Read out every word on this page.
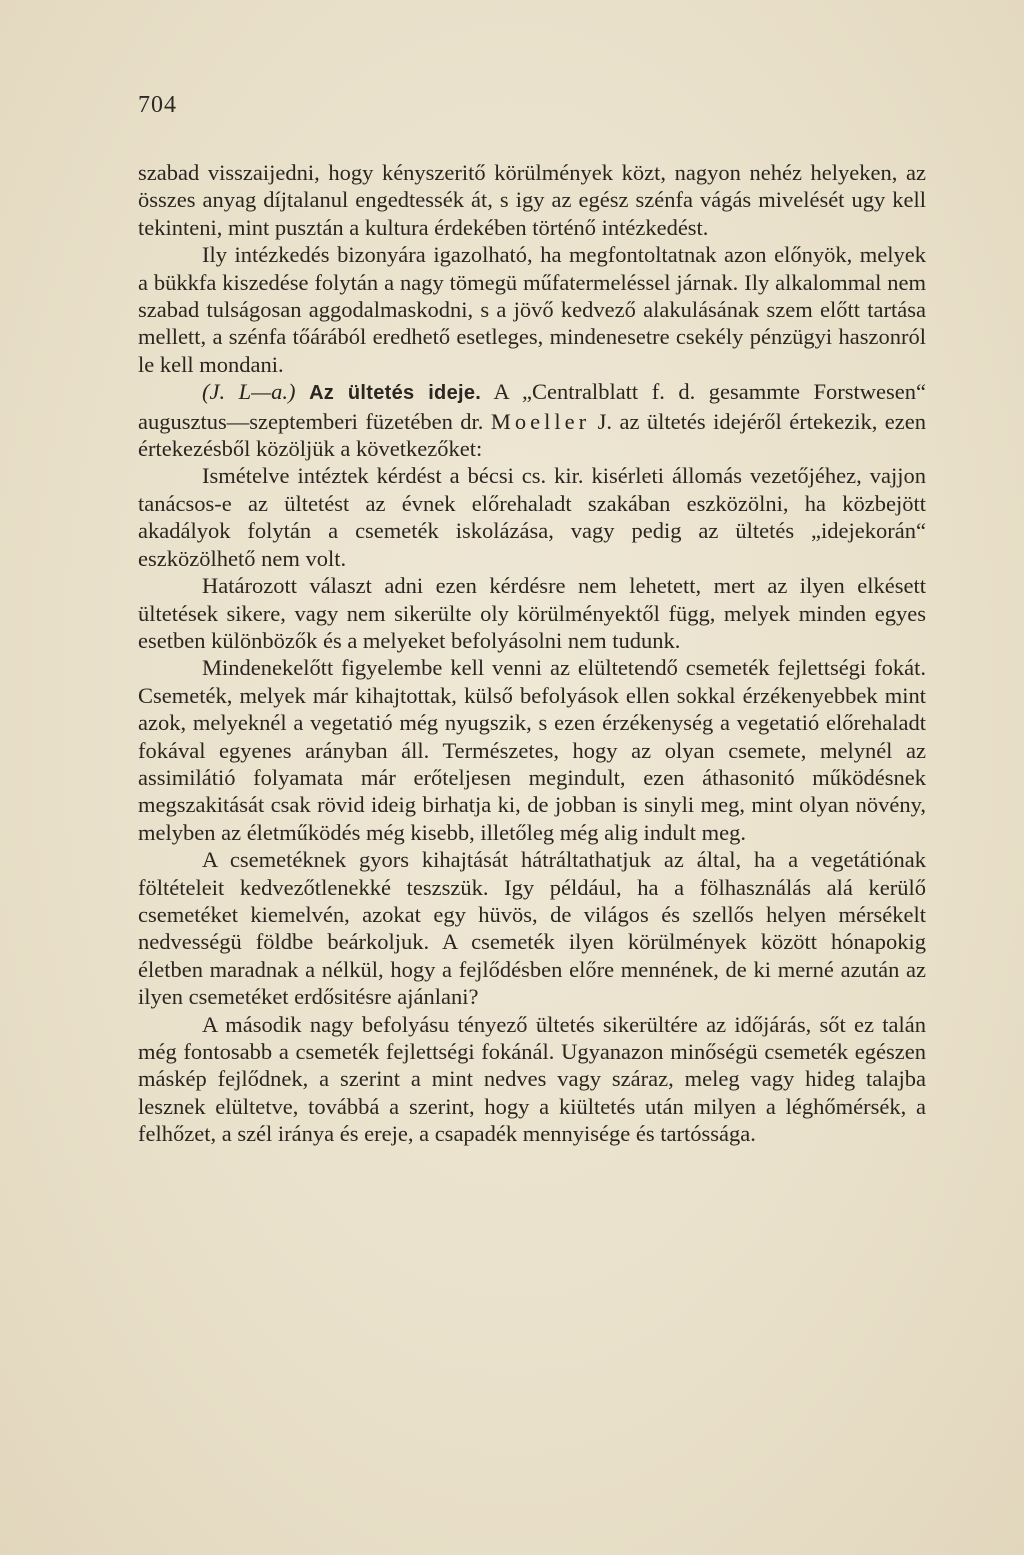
704

szabad visszaijedni, hogy kényszeritő körülmények közt, nagyon nehéz helyeken, az összes anyag díjtalanul engedtessék át, s igy az egész szénfa vágás mivelését ugy kell tekinteni, mint pusztán a kultura érdekében történő intézkedést.

Ily intézkedés bizonyára igazolható, ha megfontoltatnak azon előnyök, melyek a bükkfa kiszedése folytán a nagy tömegü műfatermeléssel járnak. Ily alkalommal nem szabad tulságosan aggodalmaskodni, s a jövő kedvező alakulásának szem előtt tartása mellett, a szénfa tőárából eredhető esetleges, mindenesetre csekély pénzügyi haszonról le kell mondani.

(J. L—a.) Az ültetés ideje. A „Centralblatt f. d. gesammte Forstwesen“ augusztus—szeptemberi füzetében dr. Moeller J. az ültetés idejéről értekezik, ezen értekezésből közöljük a következőket:

Ismételve intéztek kérdést a bécsi cs. kir. kisérleti állomás vezetőjéhez, vajjon tanácsos-e az ültetést az évnek előrehaladt szakában eszközölni, ha közbejött akadályok folytán a csemeték iskolázása, vagy pedig az ültetés „idejekorán“ eszközölhető nem volt.

Határozott választ adni ezen kérdésre nem lehetett, mert az ilyen elkésett ültetések sikere, vagy nem sikerülte oly körülményektől függ, melyek minden egyes esetben különbözők és a melyeket befolyásolni nem tudunk.

Mindenekelőtt figyelembe kell venni az elültetendő csemeték fejlettségi fokát. Csemeték, melyek már kihajtottak, külső befolyások ellen sokkal érzékenyebbek mint azok, melyeknél a vegetatió még nyugszik, s ezen érzékenység a vegetatió előrehaladt fokával egyenes arányban áll. Természetes, hogy az olyan csemete, melynél az assimilátió folyamata már erőteljesen megindult, ezen áthasonitó működésnek megszakitását csak rövid ideig birhatja ki, de jobban is sinyli meg, mint olyan növény, melyben az életműködés még kisebb, illetőleg még alig indult meg.

A csemetéknek gyors kihajtását hátráltathatjuk az által, ha a vegetátiónak föltételeit kedvezőtlenekké teszszük. Igy például, ha a fölhasználás alá kerülő csemetéket kiemelvén, azokat egy hüvös, de világos és szellős helyen mérsékelt nedvességü földbe beárkoljuk. A csemeték ilyen körülmények között hónapokig életben maradnak a nélkül, hogy a fejlődésben előre mennének, de ki merné azután az ilyen csemetéket erdősitésre ajánlani?

A második nagy befolyásu tényező ültetés sikerültére az időjárás, sőt ez talán még fontosabb a csemeték fejlettségi fokánál. Ugyanazon minőségü csemeték egészen máskép fejlődnek, a szerint a mint nedves vagy száraz, meleg vagy hideg talajba lesznek elültetve, továbbá a szerint, hogy a kiültetés után milyen a léghőmérsék, a felhőzet, a szél iránya és ereje, a csapadék mennyisége és tartóssága.
